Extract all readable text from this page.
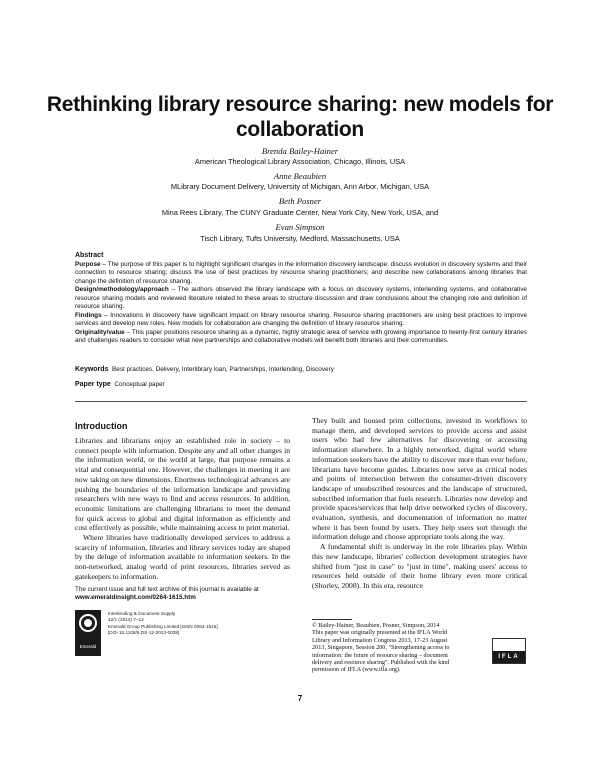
Rethinking library resource sharing: new models for collaboration
Brenda Bailey-Hainer
American Theological Library Association, Chicago, Illinois, USA
Anne Beaubien
MLibrary Document Delivery, University of Michigan, Ann Arbor, Michigan, USA
Beth Posner
Mina Rees Library, The CUNY Graduate Center, New York City, New York, USA, and
Evan Simpson
Tisch Library, Tufts University, Medford, Massachusetts, USA
Abstract

Purpose – The purpose of this paper is to highlight significant changes in the information discovery landscape; discuss evolution in discovery systems and their connection to resource sharing; discuss the use of best practices by resource sharing practitioners; and describe new collaborations among libraries that change the definition of resource sharing.

Design/methodology/approach – The authors observed the library landscape with a focus on discovery systems, interlending systems, and collaborative resource sharing models and reviewed literature related to these areas to structure discussion and draw conclusions about the changing role and definition of resource sharing.

Findings – Innovations in discovery have significant impact on library resource sharing. Resource sharing practitioners are using best practices to improve services and develop new roles. New models for collaboration are changing the definition of library resource sharing.

Originality/value – This paper positions resource sharing as a dynamic, highly strategic area of service with growing importance to twenty-first century libraries and challenges readers to consider what new partnerships and collaborative models will benefit both libraries and their communities.

Keywords Best practices, Delivery, Interlibrary loan, Partnerships, Interlending, Discovery
Paper type Conceptual paper
Introduction

Libraries and librarians enjoy an established role in society – to connect people with information. Despite any and all other changes in the information world, or the world at large, that purpose remains a vital and consequential one. However, the challenges in meeting it are now taking on new dimensions. Enormous technological advances are pushing the boundaries of the information landscape and providing researchers with new ways to find and access resources. In addition, economic limitations are challenging librarians to meet the demand for quick access to global and digital information as efficiently and cost effectively as possible, while maintaining access to print material.

Where libraries have traditionally developed services to address a scarcity of information, libraries and library services today are shaped by the deluge of information available to information seekers. In the non-networked, analog world of print resources, libraries served as gatekeepers to information.

They built and housed print collections, invested in workflows to manage them, and developed services to provide access and assist users who had few alternatives for discovering or accessing information elsewhere. In a highly networked, digital world where information seekers have the ability to discover more than ever before, librarians have become guides. Libraries now serve as critical nodes and points of intersection between the consumer-driven discovery landscape of unsubscribed resources and the landscape of structured, subscribed information that fuels research. Libraries now develop and provide spaces/services that help drive networked cycles of discovery, evaluation, synthesis, and documentation of information no matter where it has been found by users. They help users sort through the information deluge and choose appropriate tools along the way.

A fundamental shift is underway in the role libraries play. Within this new landscape, libraries' collection development strategies have shifted from "just in case" to "just in time", making users' access to resources held outside of their home library even more critical (Shorley, 2008). In this era, resource

The current issue and full text archive of this journal is available at
www.emeraldinsight.com/0264-1615.htm
Emerald
Interlending & Document Supply
42/1 (2014) 7–12
Emerald Group Publishing Limited [ISSN 0264-1615]
[DOI 10.1108/ILDS-12-2013-0038]
© Bailey-Hainer, Beaubien, Posner, Simpson, 2014
This paper was originally presented at the IFLA World Library and Information Congress 2013, 17-23 August 2013, Singapore, Session 200, "Strengthening access to information: the future of resource sharing – document delivery and resource sharing". Published with the kind permission of IFLA (www.ifla.org).
IFLA
7
